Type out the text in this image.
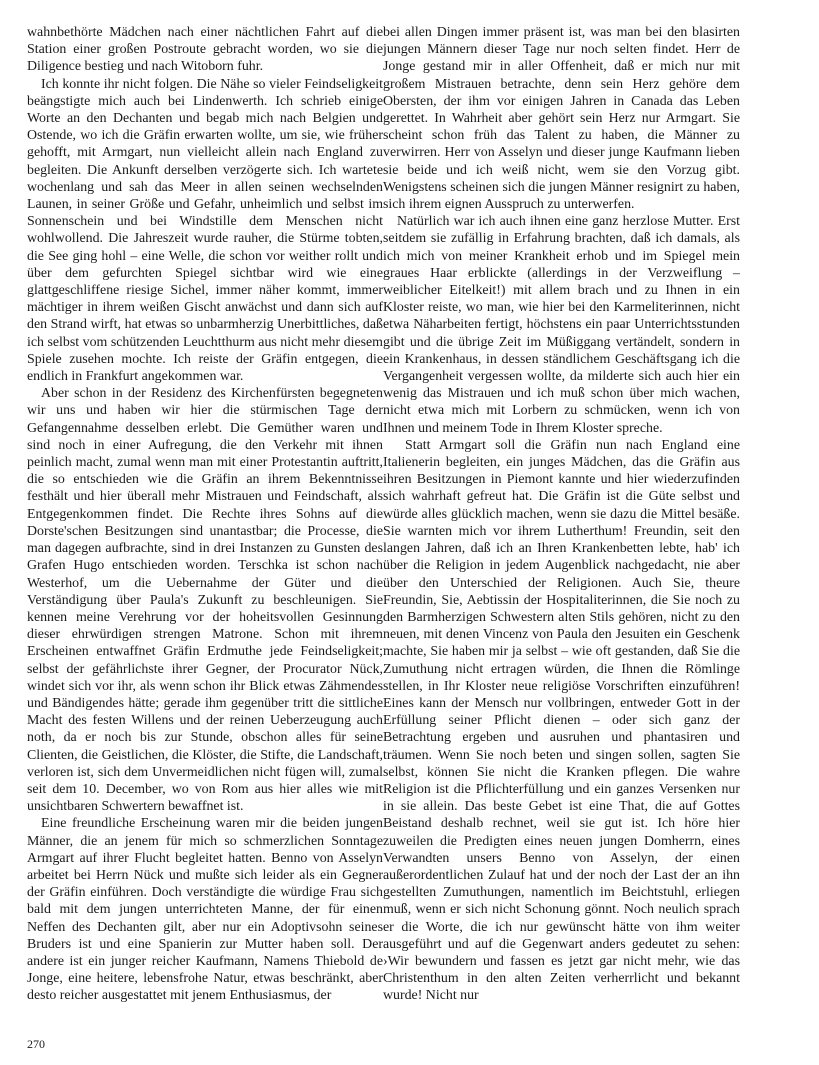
wahnbethörte Mädchen nach einer nächtlichen Fahrt auf die Station einer großen Postroute gebracht worden, wo sie die Diligence bestieg und nach Witoborn fuhr.

Ich konnte ihr nicht folgen. Die Nähe so vieler Feindseligkeit beängstigte mich auch bei Lindenwerth. Ich schrieb einige Worte an den Dechanten und begab mich nach Belgien und Ostende, wo ich die Gräfin erwarten wollte, um sie, wie früher gehofft, mit Armgart, nun vielleicht allein nach England zu begleiten. Die Ankunft derselben verzögerte sich. Ich wartete wochenlang und sah das Meer in allen seinen wechselnden Launen, in seiner Größe und Gefahr, unheimlich und selbst im Sonnenschein und bei Windstille dem Menschen nicht wohlwollend. Die Jahreszeit wurde rauher, die Stürme tobten, die See ging hohl – eine Welle, die schon vor weither rollt und über dem gefurchten Spiegel sichtbar wird wie eine glattgeschliffene riesige Sichel, immer näher kommt, immer mächtiger in ihrem weißen Gischt anwächst und dann sich auf den Strand wirft, hat etwas so unbarmherzig Unerbittliches, daß ich selbst vom schützenden Leuchtthurm aus nicht mehr diesem Spiele zusehen mochte. Ich reiste der Gräfin entgegen, die endlich in Frankfurt angekommen war.

Aber schon in der Residenz des Kirchenfürsten begegneten wir uns und haben wir hier die stürmischen Tage der Gefangennahme desselben erlebt. Die Gemüther waren und sind noch in einer Aufregung, die den Verkehr mit ihnen peinlich macht, zumal wenn man mit einer Protestantin auftritt, die so entschieden wie die Gräfin an ihrem Bekenntnisse festhält und hier überall mehr Mistrauen und Feindschaft, als Entgegenkommen findet. Die Rechte ihres Sohns auf die Dorste'schen Besitzungen sind unantastbar; die Processe, die man dagegen aufbrachte, sind in drei Instanzen zu Gunsten des Grafen Hugo entschieden worden. Terschka ist schon nach Westerhof, um die Uebernahme der Güter und die Verständigung über Paula's Zukunft zu beschleunigen. Sie kennen meine Verehrung vor der hoheitsvollen Gesinnung dieser ehrwürdigen strengen Matrone. Schon mit ihrem Erscheinen entwaffnet Gräfin Erdmuthe jede Feindseligkeit; selbst der gefährlichste ihrer Gegner, der Procurator Nück, windet sich vor ihr, als wenn schon ihr Blick etwas Zähmendes und Bändigendes hätte; gerade ihm gegenüber tritt die sittliche Macht des festen Willens und der reinen Ueberzeugung auch noth, da er noch bis zur Stunde, obschon alles für seine Clienten, die Geistlichen, die Klöster, die Stifte, die Landschaft, verloren ist, sich dem Unvermeidlichen nicht fügen will, zumal seit dem 10. December, wo von Rom aus hier alles wie mit unsichtbaren Schwertern bewaffnet ist.

Eine freundliche Erscheinung waren mir die beiden jungen Männer, die an jenem für mich so schmerzlichen Sonntage Armgart auf ihrer Flucht begleitet hatten. Benno von Asselyn arbeitet bei Herrn Nück und mußte sich leider als ein Gegner der Gräfin einführen. Doch verständigte die würdige Frau sich bald mit dem jungen unterrichteten Manne, der für einen Neffen des Dechanten gilt, aber nur ein Adoptivsohn seines Bruders ist und eine Spanierin zur Mutter haben soll. Der andere ist ein junger reicher Kaufmann, Namens Thiebold de Jonge, eine heitere, lebensfrohe Natur, etwas beschränkt, aber desto reicher ausgestattet mit jenem Enthusiasmus, der

bei allen Dingen immer präsent ist, was man bei den blasirten jungen Männern dieser Tage nur noch selten findet. Herr de Jonge gestand mir in aller Offenheit, daß er mich nur mit großem Mistrauen betrachte, denn sein Herz gehöre dem Obersten, der ihm vor einigen Jahren in Canada das Leben gerettet. In Wahrheit aber gehört sein Herz nur Armgart. Sie scheint schon früh das Talent zu haben, die Männer zu verwirren. Herr von Asselyn und dieser junge Kaufmann lieben sie beide und ich weiß nicht, wem sie den Vorzug gibt. Wenigstens scheinen sich die jungen Männer resignirt zu haben, sich ihrem eignen Ausspruch zu unterwerfen.

Natürlich war ich auch ihnen eine ganz herzlose Mutter. Erst seitdem sie zufällig in Erfahrung brachten, daß ich damals, als ich mich von meiner Krankheit erhob und im Spiegel mein graues Haar erblickte (allerdings in der Verzweiflung – weiblicher Eitelkeit!) mit allem brach und zu Ihnen in ein Kloster reiste, wo man, wie hier bei den Karmeliterinnen, nicht etwa Näharbeiten fertigt, höchstens ein paar Unterrichtsstunden gibt und die übrige Zeit im Müßiggang vertändelt, sondern in ein Krankenhaus, in dessen ständlichem Geschäftsgang ich die Vergangenheit vergessen wollte, da milderte sich auch hier ein wenig das Mistrauen und ich muß schon über mich wachen, nicht etwa mich mit Lorbern zu schmücken, wenn ich von Ihnen und meinem Tode in Ihrem Kloster spreche.

Statt Armgart soll die Gräfin nun nach England eine Italienerin begleiten, ein junges Mädchen, das die Gräfin aus ihren Besitzungen in Piemont kannte und hier wiederzufinden sich wahrhaft gefreut hat. Die Gräfin ist die Güte selbst und würde alles glücklich machen, wenn sie dazu die Mittel besäße. Sie warnten mich vor ihrem Lutherthum! Freundin, seit den langen Jahren, daß ich an Ihren Krankenbetten lebte, hab' ich über die Religion in jedem Augenblick nachgedacht, nie aber über den Unterschied der Religionen. Auch Sie, theure Freundin, Sie, Aebtissin der Hospitaliterinnen, die Sie noch zu den Barmherzigen Schwestern alten Stils gehören, nicht zu den neuen, mit denen Vincenz von Paula den Jesuiten ein Geschenk machte, Sie haben mir ja selbst – wie oft gestanden, daß Sie die Zumuthung nicht ertragen würden, die Ihnen die Römlinge stellen, in Ihr Kloster neue religiöse Vorschriften einzuführen! Eines kann der Mensch nur vollbringen, entweder Gott in der Erfüllung seiner Pflicht dienen – oder sich ganz der Betrachtung ergeben und ausruhen und phantasiren und träumen. Wenn Sie noch beten und singen sollen, sagten Sie selbst, können Sie nicht die Kranken pflegen. Die wahre Religion ist die Pflichterfüllung und ein ganzes Versenken nur in sie allein. Das beste Gebet ist eine That, die auf Gottes Beistand deshalb rechnet, weil sie gut ist. Ich höre hier zuweilen die Predigten eines neuen jungen Domherrn, eines Verwandten unsers Benno von Asselyn, der einen außerordentlichen Zulauf hat und der noch der Last der an ihn gestellten Zumuthungen, namentlich im Beichtstuhl, erliegen muß, wenn er sich nicht Schonung gönnt. Noch neulich sprach er die Worte, die ich nur gewünscht hätte von ihm weiter ausgeführt und auf die Gegenwart anders gedeutet zu sehen: ›Wir bewundern und fassen es jetzt gar nicht mehr, wie das Christenthum in den alten Zeiten verherrlicht und bekannt wurde! Nicht nur

270
